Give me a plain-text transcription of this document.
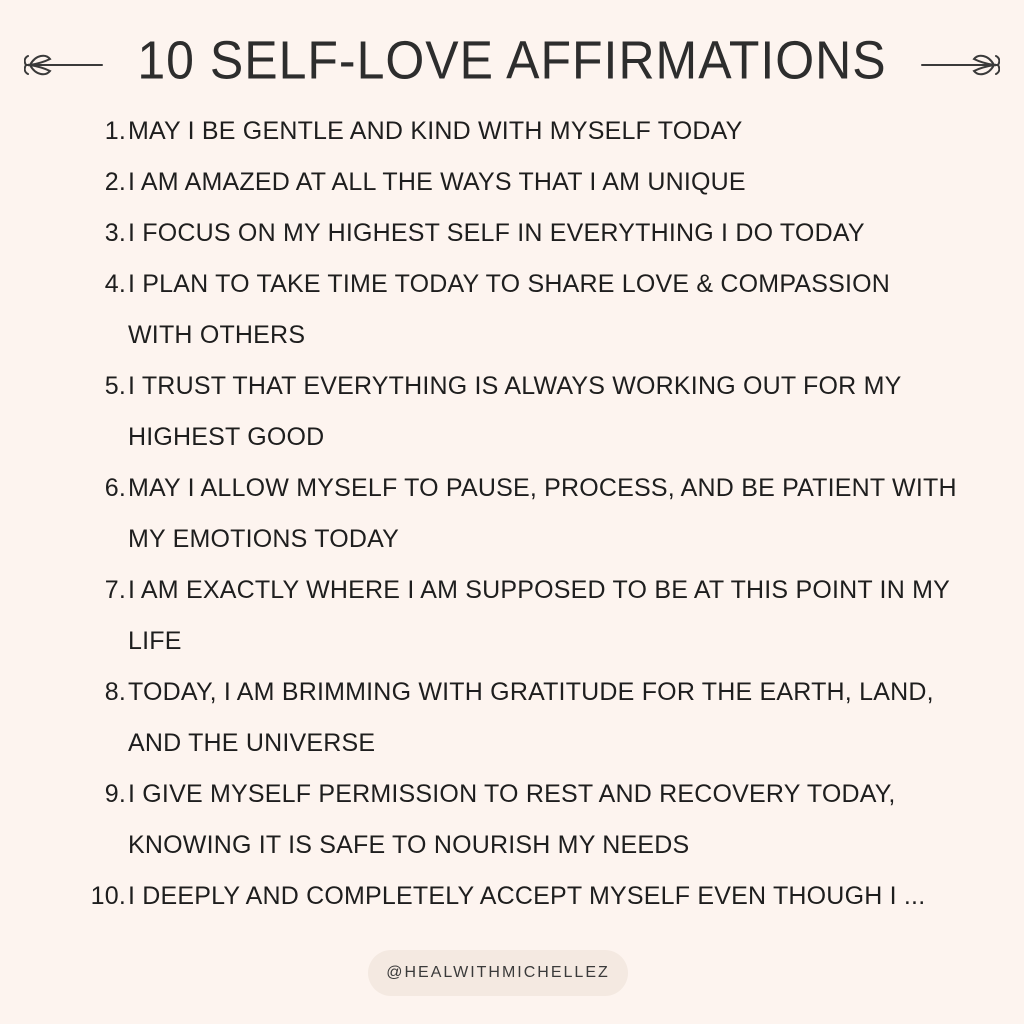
10 SELF-LOVE AFFIRMATIONS
1. MAY I BE GENTLE AND KIND WITH MYSELF TODAY
2. I AM AMAZED AT ALL THE WAYS THAT I AM UNIQUE
3. I FOCUS ON MY HIGHEST SELF IN EVERYTHING I DO TODAY
4. I PLAN TO TAKE TIME TODAY TO SHARE LOVE & COMPASSION WITH OTHERS
5. I TRUST THAT EVERYTHING IS ALWAYS WORKING OUT FOR MY HIGHEST GOOD
6. MAY I ALLOW MYSELF TO PAUSE, PROCESS, AND BE PATIENT WITH MY EMOTIONS TODAY
7. I AM EXACTLY WHERE I AM SUPPOSED TO BE AT THIS POINT IN MY LIFE
8. TODAY, I AM BRIMMING WITH GRATITUDE FOR THE EARTH, LAND, AND THE UNIVERSE
9. I GIVE MYSELF PERMISSION TO REST AND RECOVERY TODAY, KNOWING IT IS SAFE TO NOURISH MY NEEDS
10. I DEEPLY AND COMPLETELY ACCEPT MYSELF EVEN THOUGH I ...
@HEALWITHMICHELLEZ
